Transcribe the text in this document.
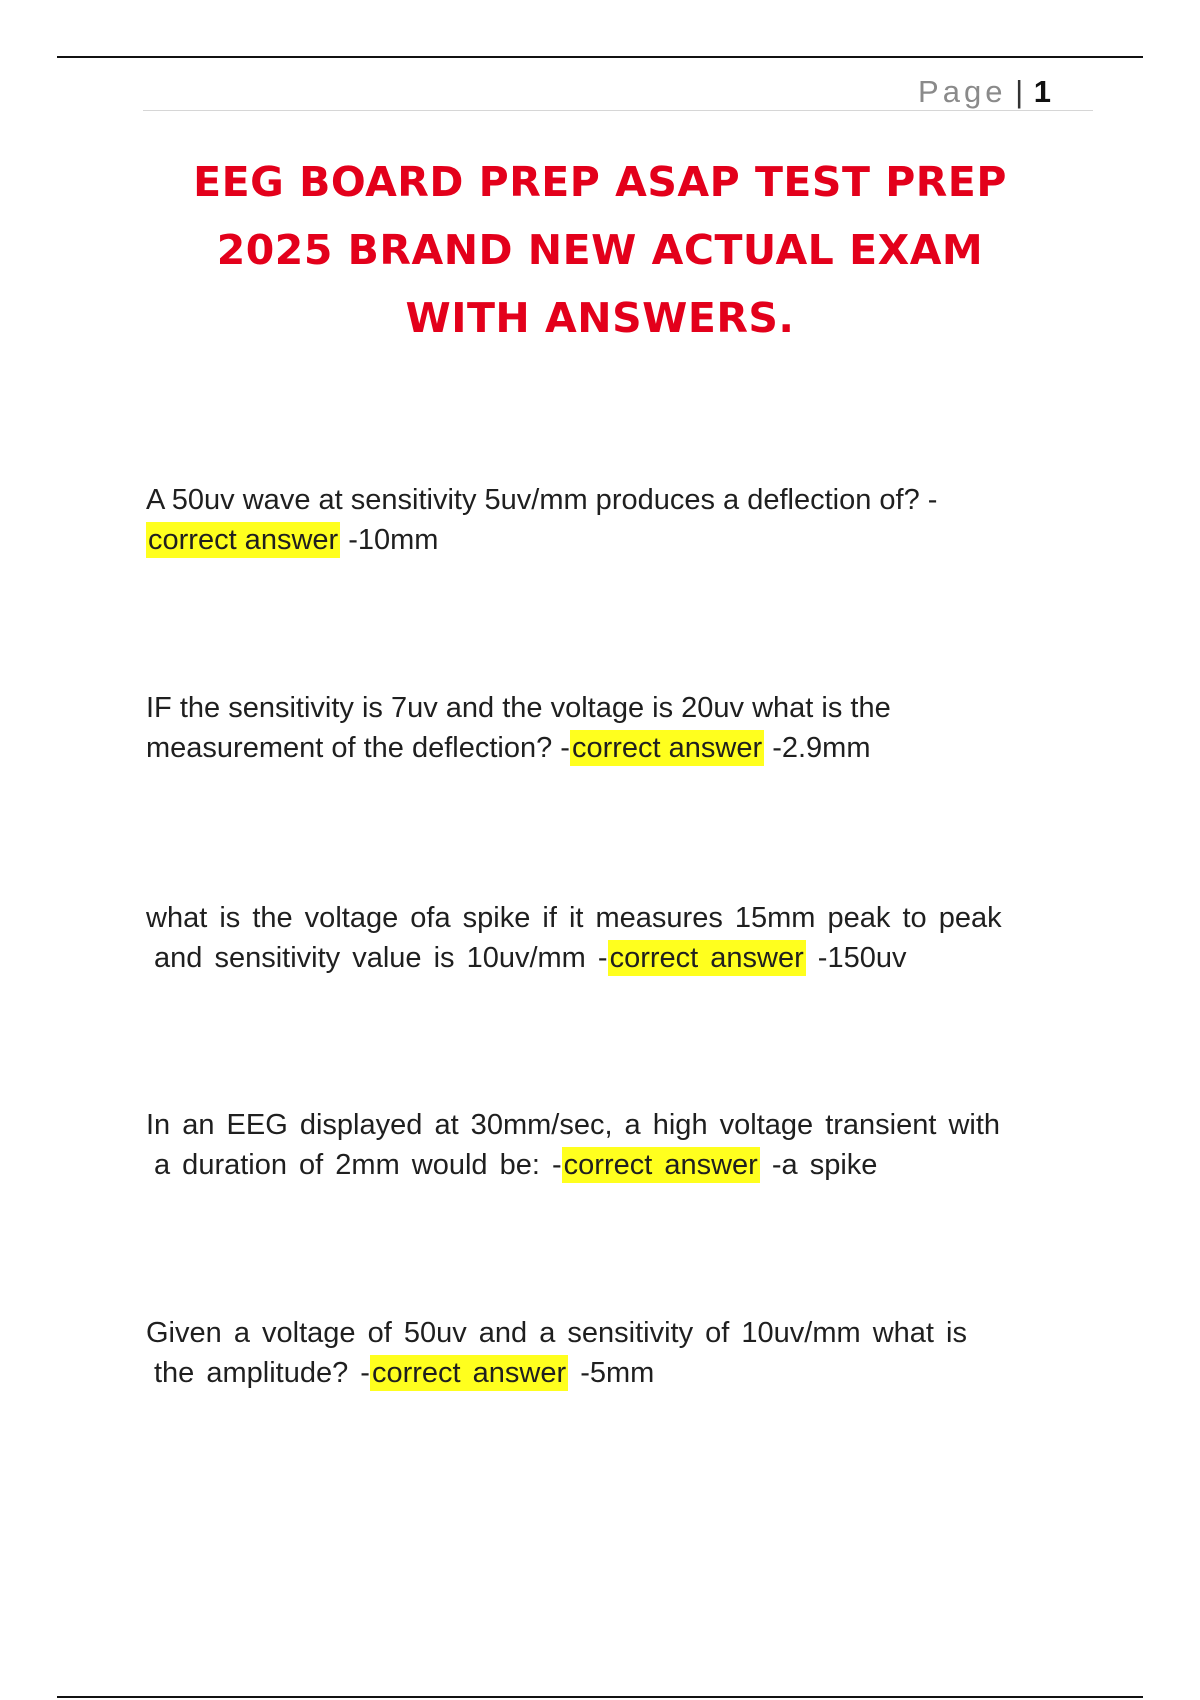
Page | 1
EEG BOARD PREP ASAP TEST PREP
2025 BRAND NEW ACTUAL EXAM
WITH ANSWERS.
A 50uv wave at sensitivity 5uv/mm produces a deflection of? -
correct answer -10mm
IF the sensitivity is 7uv and the voltage is 20uv what is the
measurement of the deflection? -correct answer -2.9mm
what is the voltage ofa spike if it measures 15mm peak to peak
and sensitivity value is 10uv/mm -correct answer -150uv
In an EEG displayed at 30mm/sec, a high voltage transient with
a duration of 2mm would be: -correct answer -a spike
Given a voltage of 50uv and a sensitivity of 10uv/mm what is
the amplitude? -correct answer -5mm
